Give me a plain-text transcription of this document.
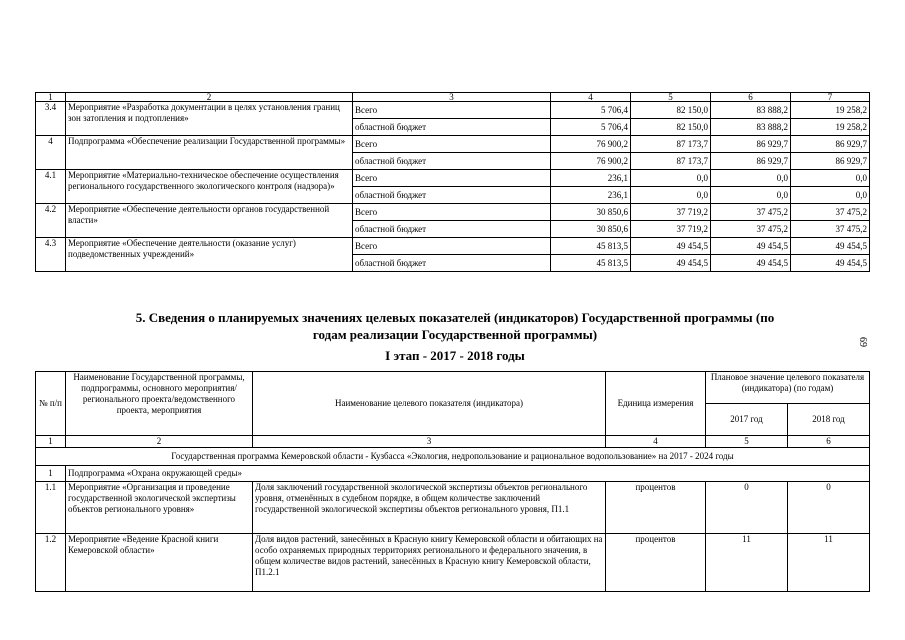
1	2	3	4	5	6	7
3.4	Мероприятие «Разработка документации в целях установления границ зон затопления и подтопления»	Всего	5 706,4	82 150,0	83 888,2	19 258,2
		областной бюджет	5 706,4	82 150,0	83 888,2	19 258,2
4	Подпрограмма «Обеспечение реализации Государственной программы»	Всего	76 900,2	87 173,7	86 929,7	86 929,7
		областной бюджет	76 900,2	87 173,7	86 929,7	86 929,7
4.1	Мероприятие «Материально-техническое обеспечение осуществления регионального государственного экологического контроля (надзора)»	Всего	236,1	0,0	0,0	0,0
		областной бюджет	236,1	0,0	0,0	0,0
4.2	Мероприятие «Обеспечение деятельности органов государственной власти»	Всего	30 850,6	37 719,2	37 475,2	37 475,2
		областной бюджет	30 850,6	37 719,2	37 475,2	37 475,2
4.3	Мероприятие «Обеспечение деятельности (оказание услуг) подведомственных учреждений»	Всего	45 813,5	49 454,5	49 454,5	49 454,5
		областной бюджет	45 813,5	49 454,5	49 454,5	49 454,5
5. Сведения о планируемых значениях целевых показателей (индикаторов) Государственной программы (по годам реализации Государственной программы)
I этап - 2017 - 2018 годы
69
№ п/п	Наименование Государственной программы, подпрограммы, основного мероприятия/регионального проекта/ведомственного проекта, мероприятия	Наименование целевого показателя (индикатора)	Единица измерения	Плановое значение целевого показателя (индикатора) (по годам)	
				2017 год	2018 год
1	2	3	4	5	6
Государственная программа Кемеровской области - Кузбасса «Экология, недропользование и рациональное водопользование» на 2017 - 2024 годы					
1	Подпрограмма «Охрана окружающей среды»				
1.1	Мероприятие «Организация и проведение государственной экологической экспертизы объектов регионального уровня»	Доля заключений государственной экологической экспертизы объектов регионального уровня, отменённых в судебном порядке, в общем количестве заключений государственной экологической экспертизы объектов регионального уровня, П1.1	процентов	0	0
1.2	Мероприятие «Ведение Красной книги Кемеровской области»	Доля видов растений, занесённых в Красную книгу Кемеровской области и обитающих на особо охраняемых природных территориях регионального и федерального значения, в общем количестве видов растений, занесённых в Красную книгу Кемеровской области, П1.2.1	процентов	11	11
